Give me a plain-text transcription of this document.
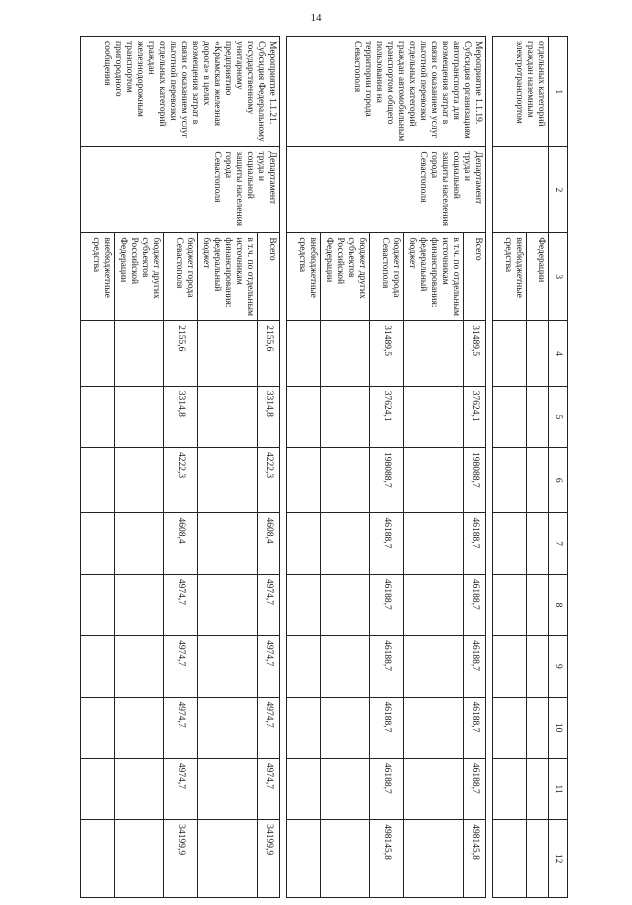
14
1	2	3	4	5	6	7	8	9	10	11	12
отдельных категорий граждан наземным электротранспортом		Федерации									
		внебюджетные средства									

Мероприятие 1.1.19. Субсидия организациям автотранспорта для возмещения затрат в связи с оказанием услуг льготной перевозки отдельных категорий граждан автомобильным транспортом общего пользования на территории города Севастополя	Департамент труда и социальной защиты населения города Севастополя	Всего	31489,5	37624,1	198088,7	46188,7	46188,7	46188,7	46188,7	46188,7	498145,8
		в т.ч. по отдельным источникам финансирования: федеральный бюджет									
		бюджет города Севастополя	31489,5	37624,1	198088,7	46188,7	46188,7	46188,7	46188,7	46188,7	498145,8
		бюджет других субъектов Российской Федерации									
		внебюджетные средства									

Мероприятие 1.1.21. Субсидия Федеральному государственному унитарному предприятию «Крымская железная дорога» в целях возмещения затрат в связи с оказанием услуг льготной перевозки отдельных категорий граждан железнодорожным транспортом пригородного сообщения	Департамент труда и социальной защиты населения города Севастополя	Всего	2155,6	3314,8	4222,3	4608,4	4974,7	4974,7	4974,7	4974,7	34199,9
		в т.ч. по отдельным источникам финансирования: федеральный бюджет									
		бюджет города Севастополя	2155,6	3314,8	4222,3	4608,4	4974,7	4974,7	4974,7	4974,7	34199,9
		бюджет других субъектов Российской Федерации									
		внебюджетные средства									
